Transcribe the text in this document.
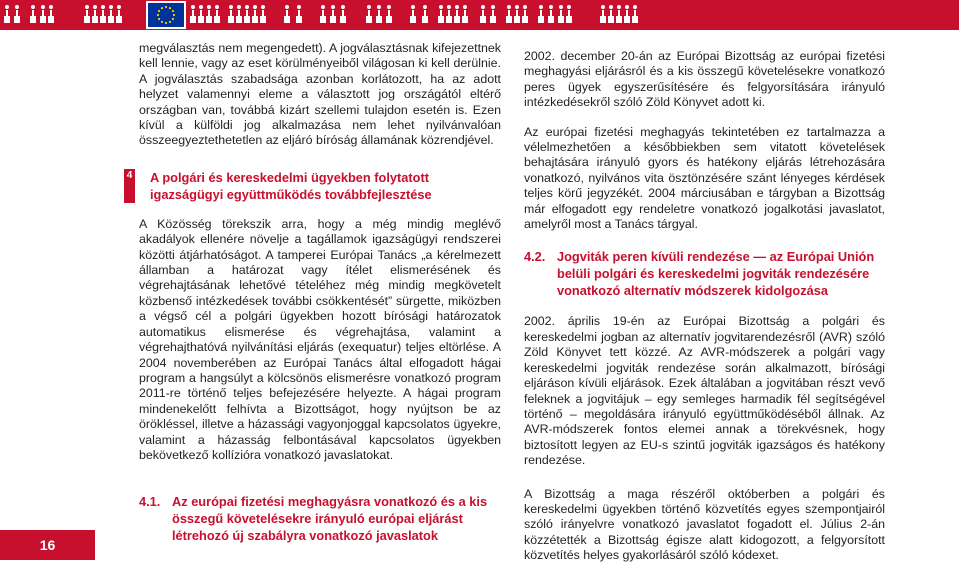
16

megválasztás nem megengedett). A jogválasztásnak kifejezettnek kell lennie, vagy az eset körülményeiből világosan ki kell derülnie. A jogválasztás szabadsága azonban korlátozott, ha az adott helyzet valamennyi eleme a választott jog országától eltérő országban van, továbbá kizárt szellemi tulajdon esetén is. Ezen kívül a külföldi jog alkalmazása nem lehet nyilvánvalóan összeegyeztethetetlen az eljáró bíróság államának közrendjével.

4	A polgári és kereskedelmi ügyekben folytatott igazságügyi együttműködés továbbfejlesztése

A Közösség törekszik arra, hogy a még mindig meglévő akadályok ellenére növelje a tagállamok igazságügyi rendszerei közötti átjárhatóságot. A tamperei Európai Tanács „a kérelmezett államban a határozat vagy ítélet elismerésének és végrehajtásának lehetővé tételéhez még mindig megkövetelt közbenső intézkedések további csökkentését” sürgette, miközben a végső cél a polgári ügyekben hozott bírósági határozatok automatikus elismerése és végrehajtása, valamint a végrehajthatóvá nyilvánítási eljárás (exequatur) teljes eltörlése. A 2004 novemberében az Európai Tanács által elfogadott hágai program a hangsúlyt a kölcsönös elismerésre vonatkozó program 2011-re történő teljes befejezésére helyezte. A hágai program mindenekelőtt felhívta a Bizottságot, hogy nyújtson be az örökléssel, illetve a házassági vagyonjoggal kapcsolatos ügyekre, valamint a házasság felbontásával kapcsolatos ügyekben bekövetkező kollízióra vonatkozó javaslatokat.

4.1. Az európai fizetési meghagyásra vonatkozó és a kis összegű követelésekre irányuló európai eljárást létrehozó új szabályra vonatkozó javaslatok

2002. december 20-án az Európai Bizottság az európai fizetési meghagyási eljárásról és a kis összegű követelésekre vonatkozó peres ügyek egyszerűsítésére és felgyorsítására irányuló intézkedésekről szóló Zöld Könyvet adott ki.

Az európai fizetési meghagyás tekintetében ez tartalmazza a vélelmezhetően a későbbiekben sem vitatott követelések behajtására irányuló gyors és hatékony eljárás létrehozására vonatkozó, nyilvános vita ösztönzésére szánt lényeges kérdések teljes körű jegyzékét. 2004 márciusában e tárgyban a Bizottság már elfogadott egy rendeletre vonatkozó jogalkotási javaslatot, amelyről most a Tanács tárgyal.

4.2. Jogviták peren kívüli rendezése — az Európai Unión belüli polgári és kereskedelmi jogviták rendezésére vonatkozó alternatív módszerek kidolgozása

2002. április 19-én az Európai Bizottság a polgári és kereskedelmi jogban az alternatív jogvitarendezésről (AVR) szóló Zöld Könyvet tett közzé. Az AVR-módszerek a polgári vagy kereskedelmi jogviták rendezése során alkalmazott, bírósági eljáráson kívüli eljárások. Ezek általában a jogvitában részt vevő feleknek a jogvitájuk – egy semleges harmadik fél segítségével történő – megoldására irányuló együttműködéséből állnak. Az AVR-módszerek fontos elemei annak a törekvésnek, hogy biztosított legyen az EU-s szintű jogviták igazságos és hatékony rendezése.

A Bizottság a maga részéről októberben a polgári és kereskedelmi ügyekben történő közvetítés egyes szempontjairól szóló irányelvre vonatkozó javaslatot fogadott el. Július 2-án közzétették a Bizottság égisze alatt kidogozott, a felgyorsított közvetítés helyes gyakorlásáról szóló kódexet.
